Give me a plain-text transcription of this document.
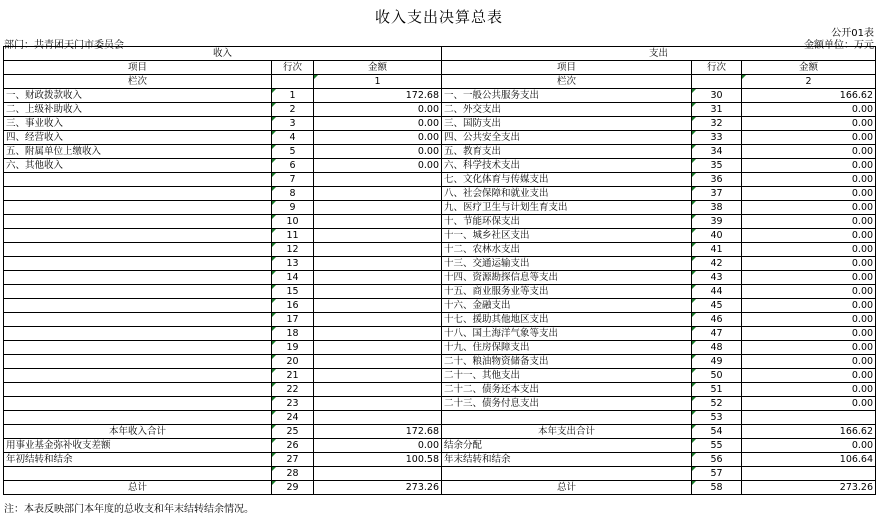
收入支出决算总表
公开01表
部门：共青团天门市委员会	金额单位：万元
收入			支出		
项目	行次	金额	项目	行次	金额
栏次		1	栏次		2
一、财政拨款收入	1	172.68	一、一般公共服务支出	30	166.62
二、上级补助收入	2	0.00	二、外交支出	31	0.00
三、事业收入	3	0.00	三、国防支出	32	0.00
四、经营收入	4	0.00	四、公共安全支出	33	0.00
五、附属单位上缴收入	5	0.00	五、教育支出	34	0.00
六、其他收入	6	0.00	六、科学技术支出	35	0.00
	7		七、文化体育与传媒支出	36	0.00
	8		八、社会保障和就业支出	37	0.00
	9		九、医疗卫生与计划生育支出	38	0.00
	10		十、节能环保支出	39	0.00
	11		十一、城乡社区支出	40	0.00
	12		十二、农林水支出	41	0.00
	13		十三、交通运输支出	42	0.00
	14		十四、资源勘探信息等支出	43	0.00
	15		十五、商业服务业等支出	44	0.00
	16		十六、金融支出	45	0.00
	17		十七、援助其他地区支出	46	0.00
	18		十八、国土海洋气象等支出	47	0.00
	19		十九、住房保障支出	48	0.00
	20		二十、粮油物资储备支出	49	0.00
	21		二十一、其他支出	50	0.00
	22		二十二、债务还本支出	51	0.00
	23		二十三、债务付息支出	52	0.00
	24			53	
本年收入合计	25	172.68	本年支出合计	54	166.62
用事业基金弥补收支差额	26	0.00	结余分配	55	0.00
年初结转和结余	27	100.58	年末结转和结余	56	106.64
	28			57	
总计	29	273.26	总计	58	273.26
注：本表反映部门本年度的总收支和年末结转结余情况。
